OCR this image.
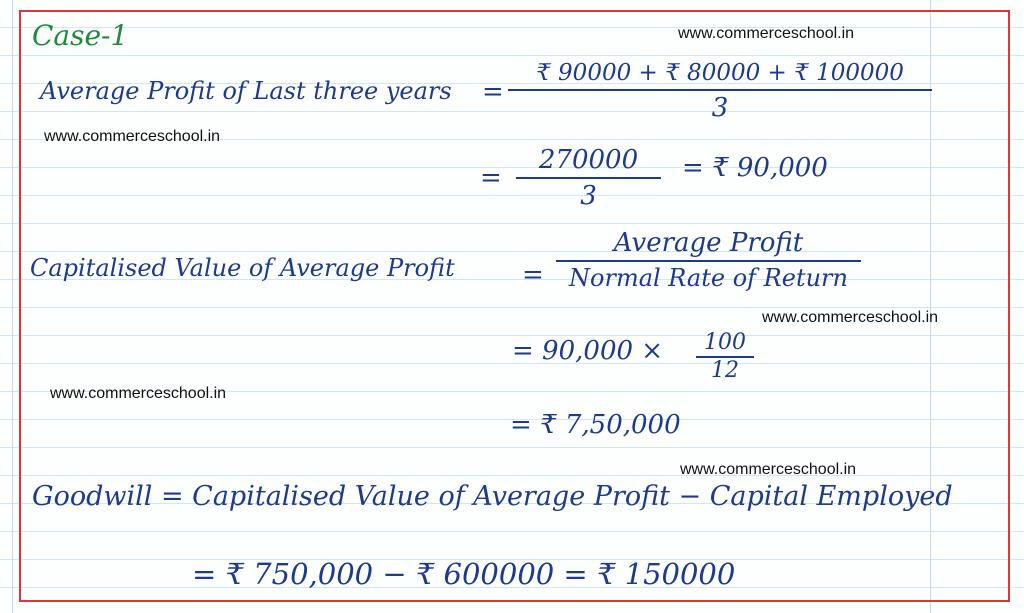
Case-1	www.commerceschool.in
www.commerceschool.in
www.commerceschool.in
www.commerceschool.in
www.commerceschool.in
Average Profit of Last three years =
₹ 90000 + ₹ 80000 + ₹ 100000
3
=
270000
3
= ₹ 90,000
Capitalised Value of Average Profit	=
Average Profit
Normal Rate of Return
= 90,000 ×	100
12
= ₹ 7,50,000
Goodwill = Capitalised Value of Average Profit − Capital Employed
= ₹ 750,000 − ₹ 600000 = ₹ 150000
